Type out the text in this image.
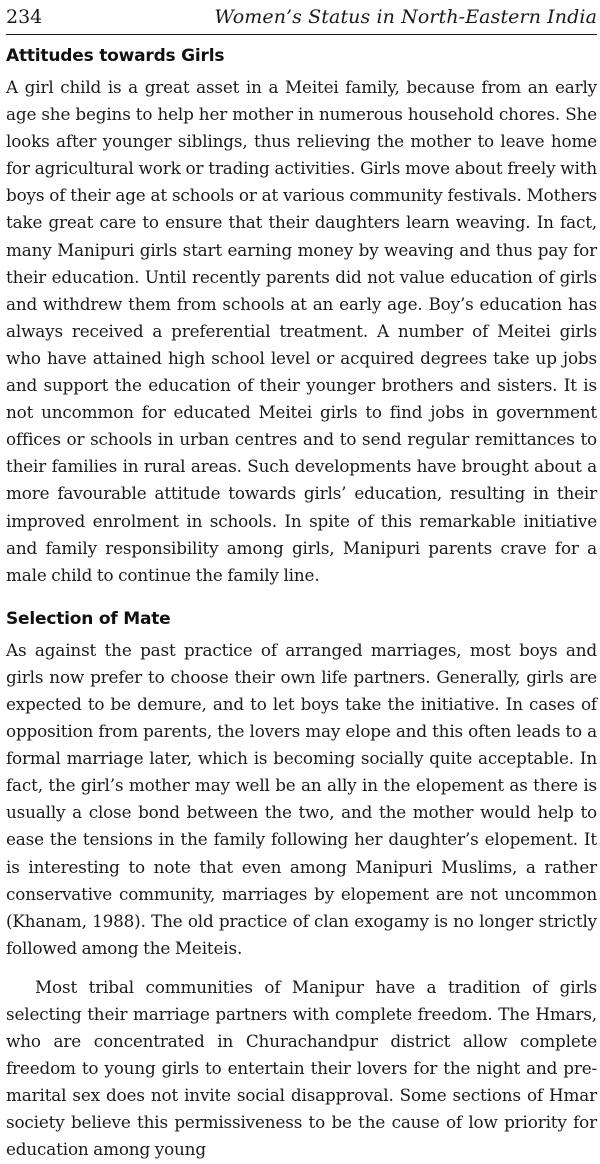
234	Women’s Status in North-Eastern India
Attitudes towards Girls

A girl child is a great asset in a Meitei family, because from an early age she begins to help her mother in numerous household chores. She looks after younger siblings, thus relieving the mother to leave home for agricultural work or trading activities. Girls move about freely with boys of their age at schools or at various community festivals. Mothers take great care to ensure that their daughters learn weaving. In fact, many Manipuri girls start earning money by weaving and thus pay for their education. Until recently parents did not value education of girls and withdrew them from schools at an early age. Boy’s education has always received a preferential treatment. A number of Meitei girls who have attained high school level or acquired degrees take up jobs and support the education of their younger brothers and sisters. It is not uncommon for educated Meitei girls to find jobs in government offices or schools in urban centres and to send regular remittances to their families in rural areas. Such developments have brought about a more favourable attitude towards girls’ education, resulting in their improved enrolment in schools. In spite of this remarkable initiative and family responsibility among girls, Manipuri parents crave for a male child to continue the family line.

Selection of Mate

As against the past practice of arranged marriages, most boys and girls now prefer to choose their own life partners. Generally, girls are expected to be demure, and to let boys take the initiative. In cases of opposition from parents, the lovers may elope and this often leads to a formal marriage later, which is becoming socially quite acceptable. In fact, the girl’s mother may well be an ally in the elopement as there is usually a close bond between the two, and the mother would help to ease the tensions in the family following her daughter’s elopement. It is interesting to note that even among Manipuri Muslims, a rather conservative community, marriages by elopement are not uncommon (Khanam, 1988). The old practice of clan exogamy is no longer strictly followed among the Meiteis.

Most tribal communities of Manipur have a tradition of girls selecting their marriage partners with complete freedom. The Hmars, who are concentrated in Churachandpur district allow complete freedom to young girls to entertain their lovers for the night and pre-marital sex does not invite social disapproval. Some sections of Hmar society believe this permissiveness to be the cause of low priority for education among young
